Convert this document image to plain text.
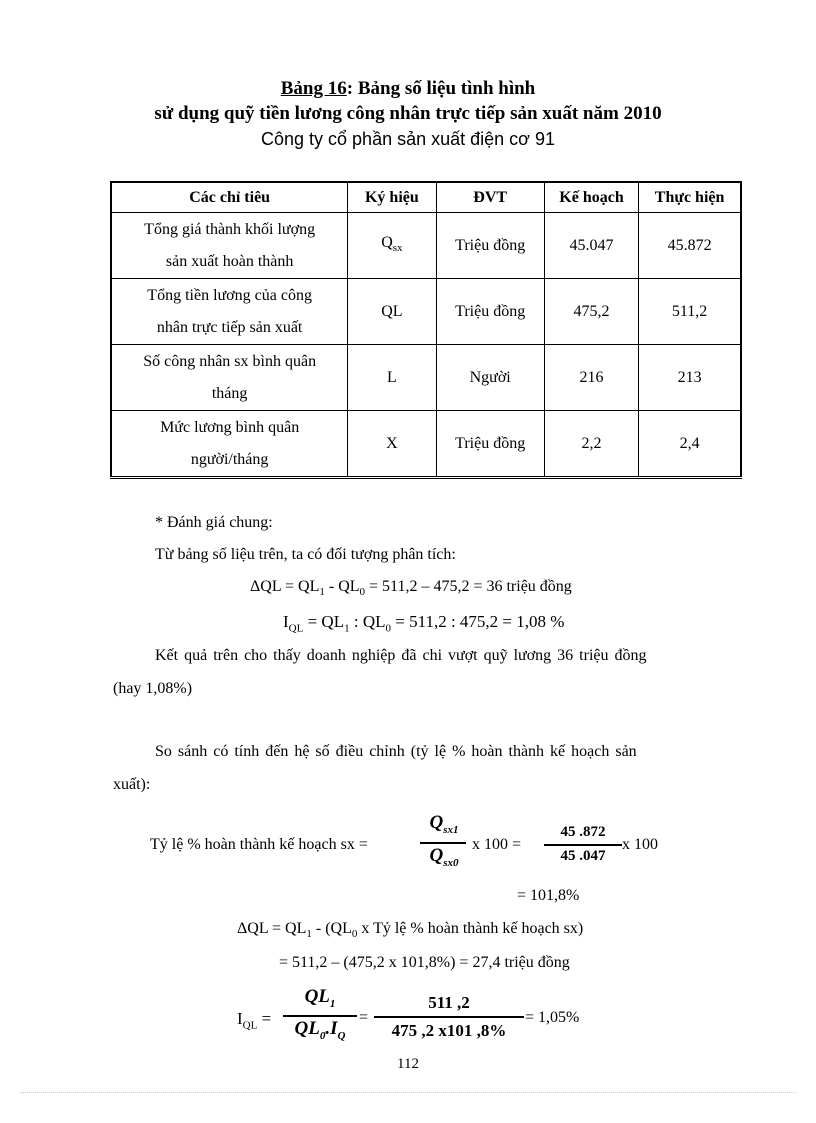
Bảng 16: Bảng số liệu tình hình
sử dụng quỹ tiền lương công nhân trực tiếp sản xuất năm 2010
Công ty cổ phần sản xuất điện cơ 91
Các chỉ tiêu	Ký hiệu	ĐVT	Kế hoạch	Thực hiện
Tổng giá thành khối lượng
sản xuất hoàn thành	$Q_{sx}$	Triệu đồng	45.047	45.872
Tổng tiền lương của công
nhân trực tiếp sản xuất	QL	Triệu đồng	475,2	511,2
Số công nhân sx bình quân
tháng	L	Người	216	213
Mức lương bình quân
người/tháng	X	Triệu đồng	2,2	2,4
* Đánh giá chung:
Từ bảng số liệu trên, ta có đối tượng phân tích:
$\Delta QL = QL_1 - QL_0 = 511,2 - 475,2 = 36$ triệu đồng
$I_{QL} = QL_1$ : $QL_0 = 511,2$ : 475,2 = 1,08 %
Kết quả trên cho thấy doanh nghiệp đã chi vượt quỹ lương 36 triệu đồng
(hay 1,08%)
So sánh có tính đến hệ số điều chỉnh (tỷ lệ % hoàn thành kế hoạch sản
xuất):
Tỷ lệ % hoàn thành kế hoạch sx =
$Q_{sx1}$
$Q_{sx0}$
x 100 =
45 .872
45 .047
x 100
= 101,8%
$\Delta QL = QL_1 - (QL_0$ x Tỷ lệ % hoàn thành kế hoạch sx)
= 511,2 – (475,2 x 101,8%) = 27,4 triệu đồng
$I_{QL}$ =
$QL_1$
$QL_0.I_Q$
=
511 ,2
475 ,2 x101 ,8%
= 1,05%
112
